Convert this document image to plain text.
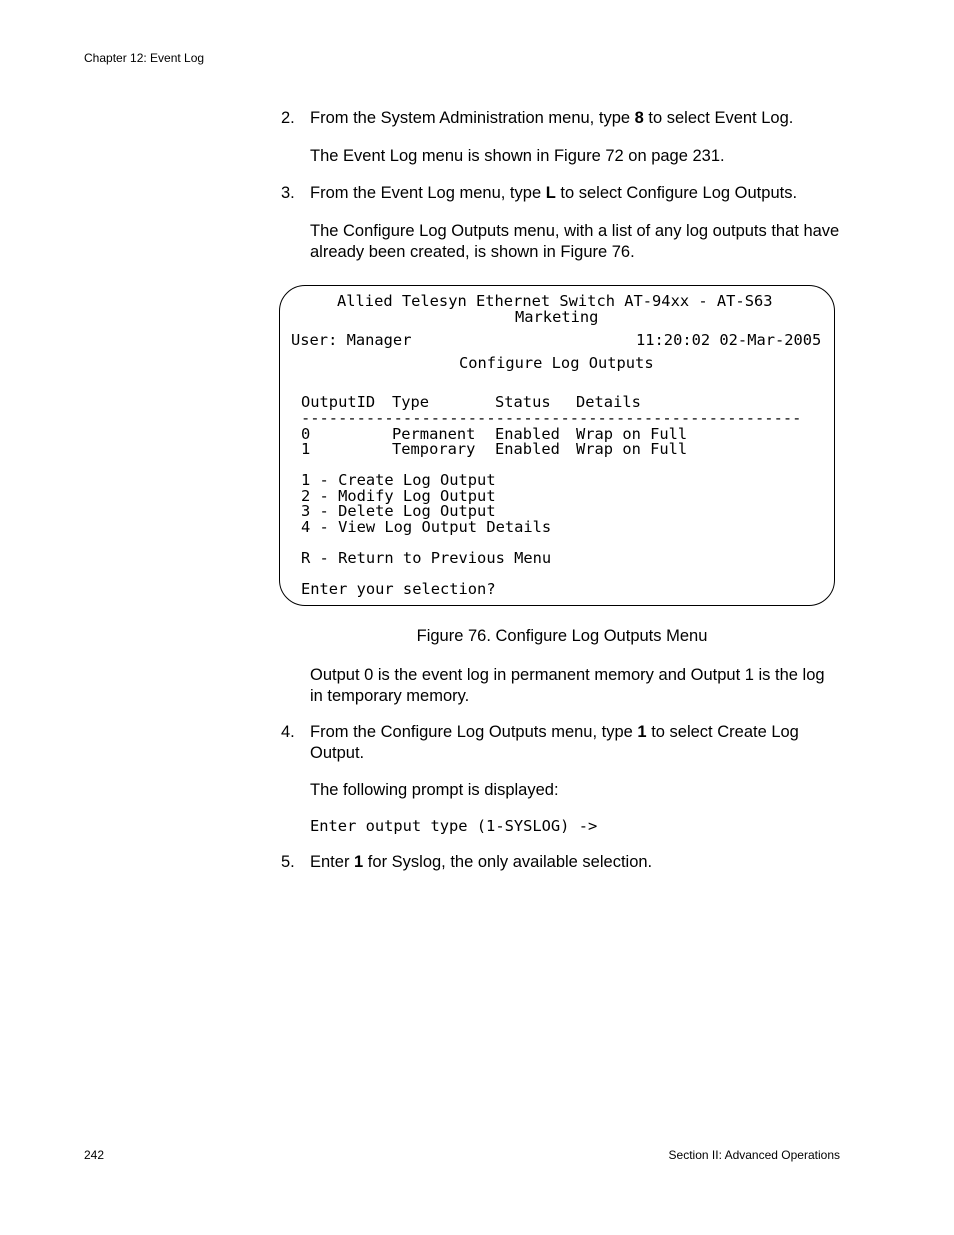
Chapter 12: Event Log
2. From the System Administration menu, type 8 to select Event Log.
The Event Log menu is shown in Figure 72 on page 231.
3. From the Event Log menu, type L to select Configure Log Outputs.
The Configure Log Outputs menu, with a list of any log outputs that have already been created, is shown in Figure 76.
Allied Telesyn Ethernet Switch AT-94xx - AT-S63
Marketing
User: Manager	11:20:02 02-Mar-2005
Configure Log Outputs
OutputID Type	Status Details
------------------------------------------------------
0	Permanent Enabled Wrap on Full
1	Temporary Enabled Wrap on Full
1 - Create Log Output
2 - Modify Log Output
3 - Delete Log Output
4 - View Log Output Details
R - Return to Previous Menu
Enter your selection?
Figure 76. Configure Log Outputs Menu
Output 0 is the event log in permanent memory and Output 1 is the log in temporary memory.
4. From the Configure Log Outputs menu, type 1 to select Create Log Output.
The following prompt is displayed:
Enter output type (1-SYSLOG) ->
5. Enter 1 for Syslog, the only available selection.
242	Section II: Advanced Operations
